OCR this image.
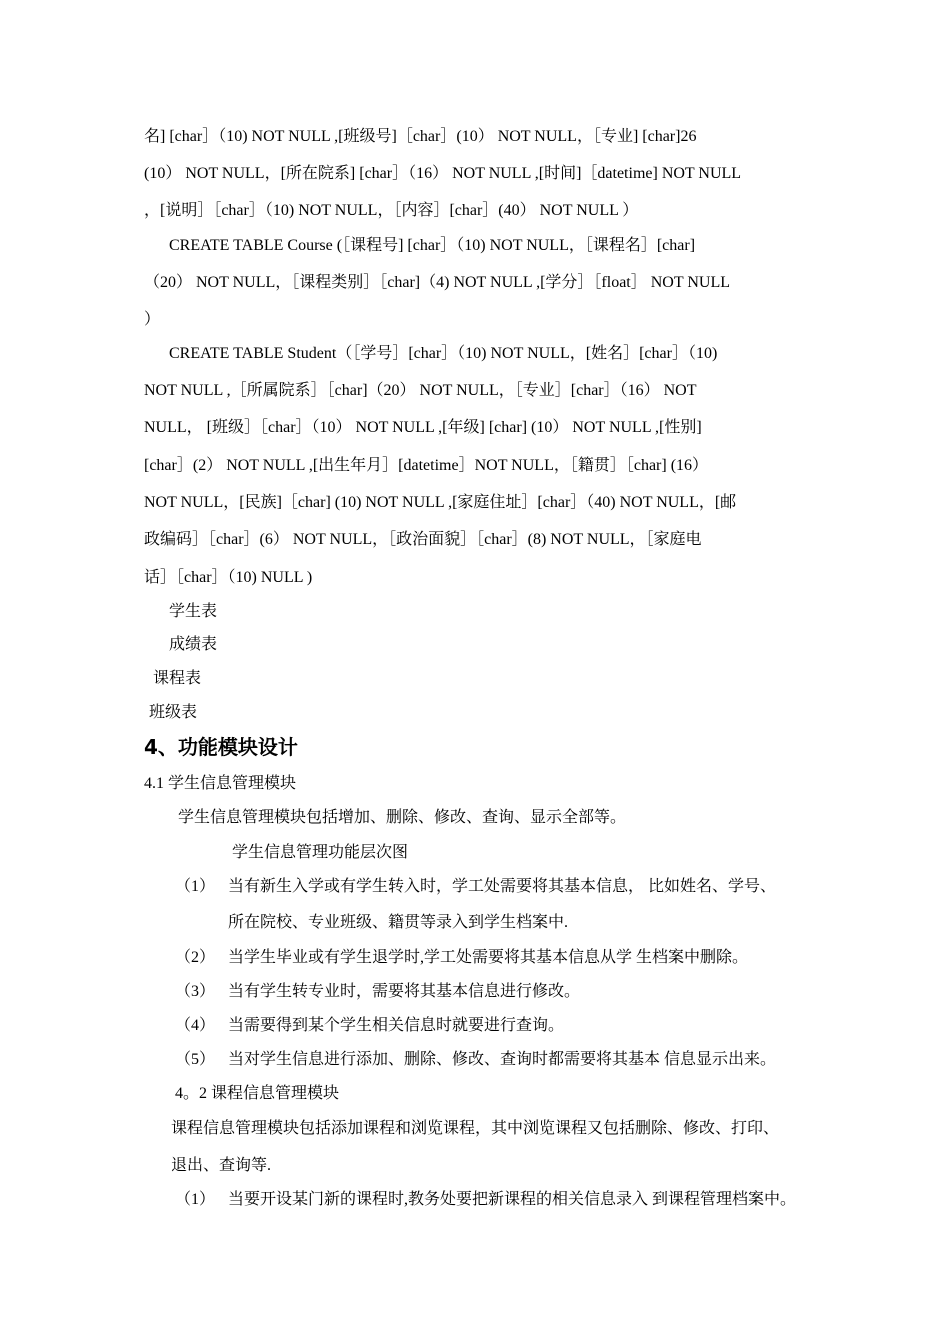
名] [char］（10) NOT NULL ,[班级号]［char］(10） NOT NULL，［专业] [char]26
(10） NOT NULL，[所在院系] [char］（16） NOT NULL ,[时间]［datetime] NOT NULL
，[说明］［char］（10) NOT NULL，［内容］[char］(40） NOT NULL ）
CREATE TABLE Course (［课程号] [char］（10) NOT NULL，［课程名］[char]
（20） NOT NULL，［课程类别］［char]（4) NOT NULL ,[学分］［float］ NOT NULL
）
CREATE TABLE Student（［学号］[char］（10) NOT NULL，[姓名］[char］（10)
NOT NULL ,［所属院系］［char]（20） NOT NULL，［专业］[char］（16） NOT
NULL， [班级］［char］（10） NOT NULL ,[年级] [char] (10） NOT NULL ,[性别]
[char］(2） NOT NULL ,[出生年月］[datetime］NOT NULL，［籍贯］［char] (16）
NOT NULL，[民族]［char] (10) NOT NULL ,[家庭住址］[char］（40) NOT NULL，[邮
政编码］［char］(6） NOT NULL，［政治面貌］［char］(8) NOT NULL，［家庭电
话］［char］（10) NULL )
学生表
成绩表
课程表
班级表
4、功能模块设计
4.1 学生信息管理模块
学生信息管理模块包括增加、删除、修改、查询、显示全部等。
学生信息管理功能层次图
（1） 当有新生入学或有学生转入时，学工处需要将其基本信息， 比如姓名、学号、
所在院校、专业班级、籍贯等录入到学生档案中.
（2） 当学生毕业或有学生退学时,学工处需要将其基本信息从学 生档案中删除。
（3） 当有学生转专业时，需要将其基本信息进行修改。
（4） 当需要得到某个学生相关信息时就要进行查询。
（5） 当对学生信息进行添加、删除、修改、查询时都需要将其基本 信息显示出来。
4。2 课程信息管理模块
课程信息管理模块包括添加课程和浏览课程，其中浏览课程又包括删除、修改、打印、
退出、查询等.
（1） 当要开设某门新的课程时,教务处要把新课程的相关信息录入 到课程管理档案中。
